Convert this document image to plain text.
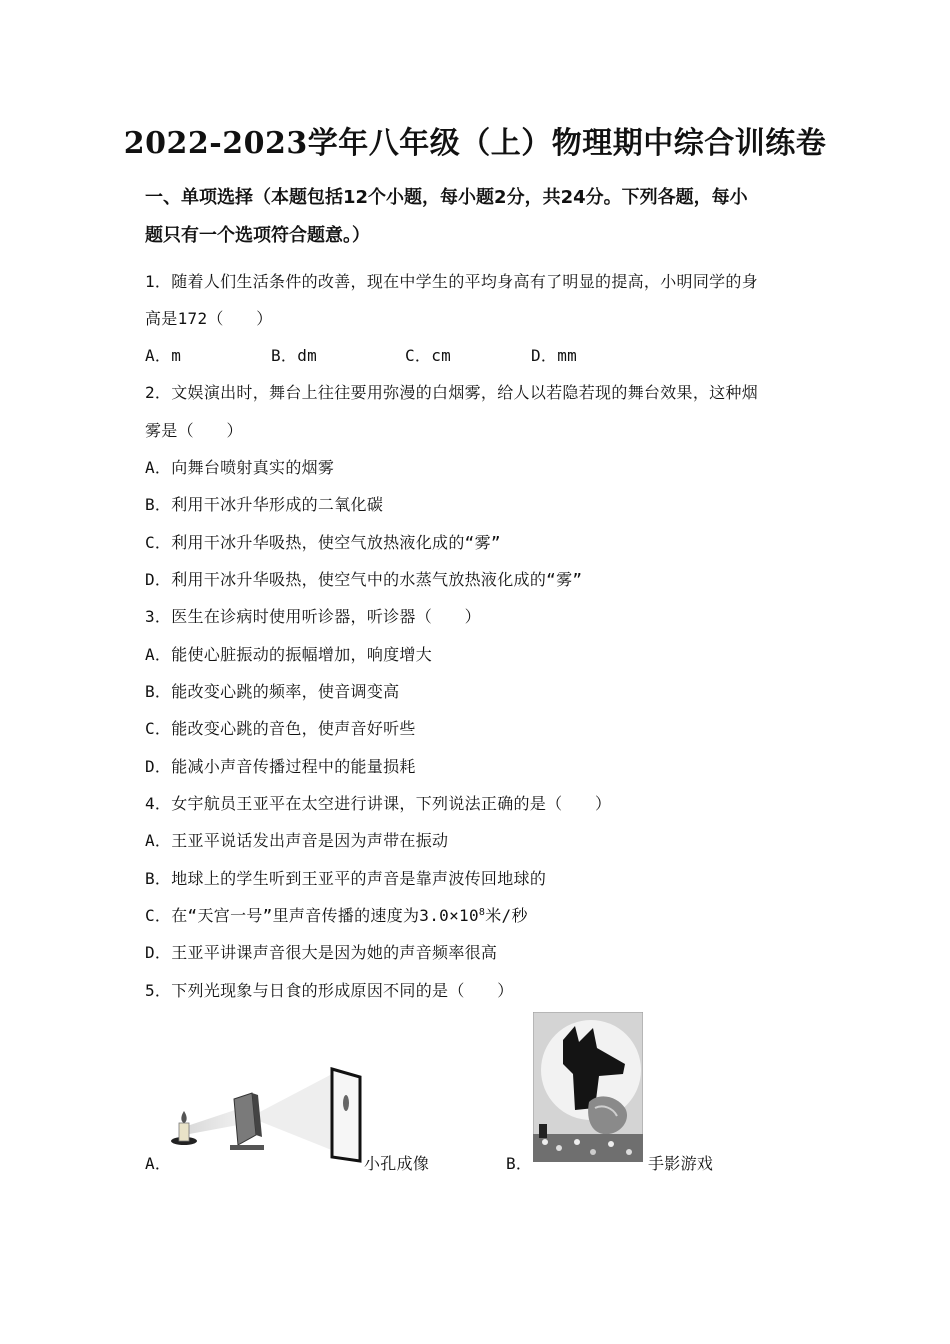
2022-2023学年八年级（上）物理期中综合训练卷
一、单项选择（本题包括12个小题，每小题2分，共24分。下列各题，每小
题只有一个选项符合题意。）
1．随着人们生活条件的改善，现在中学生的平均身高有了明显的提高，小明同学的身
高是172（　　）
A．m	B．dm	C．cm	D．mm
2．文娱演出时，舞台上往往要用弥漫的白烟雾，给人以若隐若现的舞台效果，这种烟
雾是（　　）
A．向舞台喷射真实的烟雾
B．利用干冰升华形成的二氧化碳
C．利用干冰升华吸热，使空气放热液化成的“雾”
D．利用干冰升华吸热，使空气中的水蒸气放热液化成的“雾”
3．医生在诊病时使用听诊器，听诊器（　　）
A．能使心脏振动的振幅增加，响度增大
B．能改变心跳的频率，使音调变高
C．能改变心跳的音色，使声音好听些
D．能减小声音传播过程中的能量损耗
4．女宇航员王亚平在太空进行讲课，下列说法正确的是（　　）
A．王亚平说话发出声音是因为声带在振动
B．地球上的学生听到王亚平的声音是靠声波传回地球的
C．在“天宫一号”里声音传播的速度为$3.0\times 10^8$米/秒
D．王亚平讲课声音很大是因为她的声音频率很高
5．下列光现象与日食的形成原因不同的是（　　）
A．	小孔成像	B．	手影游戏
